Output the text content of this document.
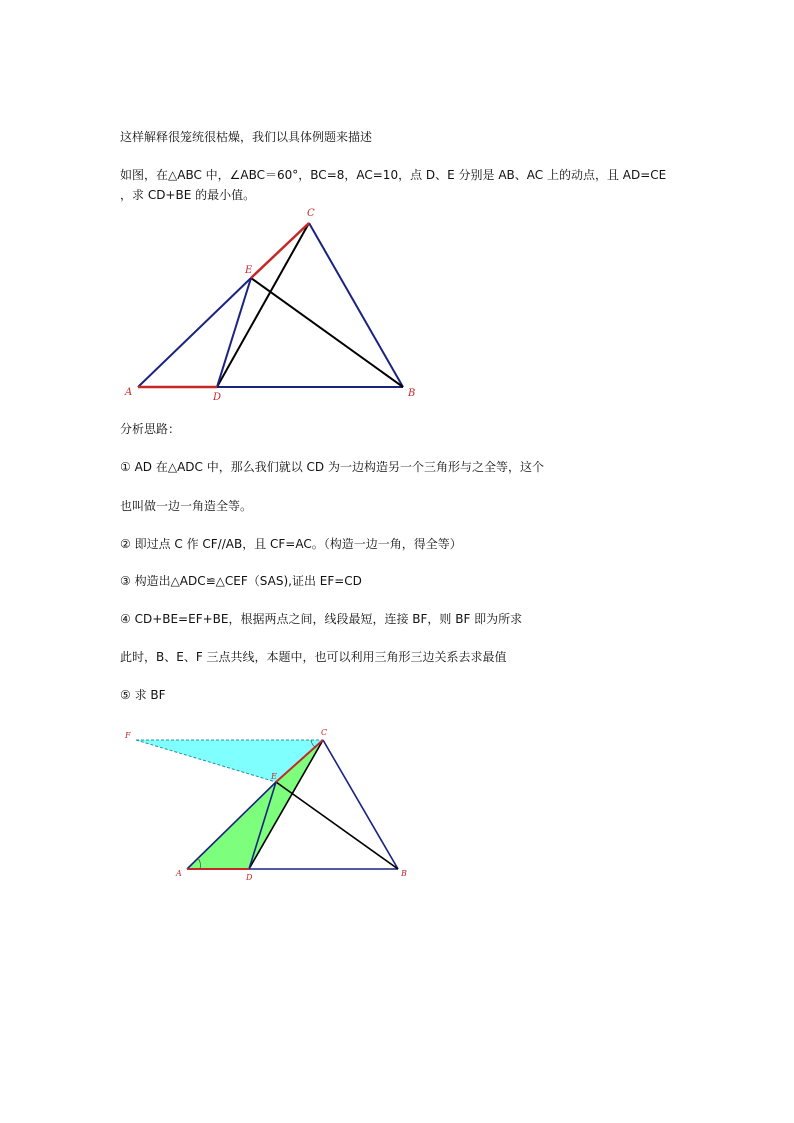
这样解释很笼统很枯燥，我们以具体例题来描述
如图，在△ABC 中，∠ABC＝60°，BC=8，AC=10，点 D、E 分别是 AB、AC 上的动点，且 AD=CE
，求 CD+BE 的最小值。
A	B
C
D
E
分析思路：
① AD 在△ADC 中，那么我们就以 CD 为一边构造另一个三角形与之全等，这个
也叫做一边一角造全等。
② 即过点 C 作 CF//AB，且 CF=AC。（构造一边一角，得全等）
③ 构造出△ADC≌△CEF（SAS),证出 EF=CD
④ CD+BE=EF+BE，根据两点之间，线段最短，连接 BF，则 BF 即为所求
此时，B、E、F 三点共线，本题中，也可以利用三角形三边关系去求最值
⑤ 求 BF
F	C
E
A	D	B
